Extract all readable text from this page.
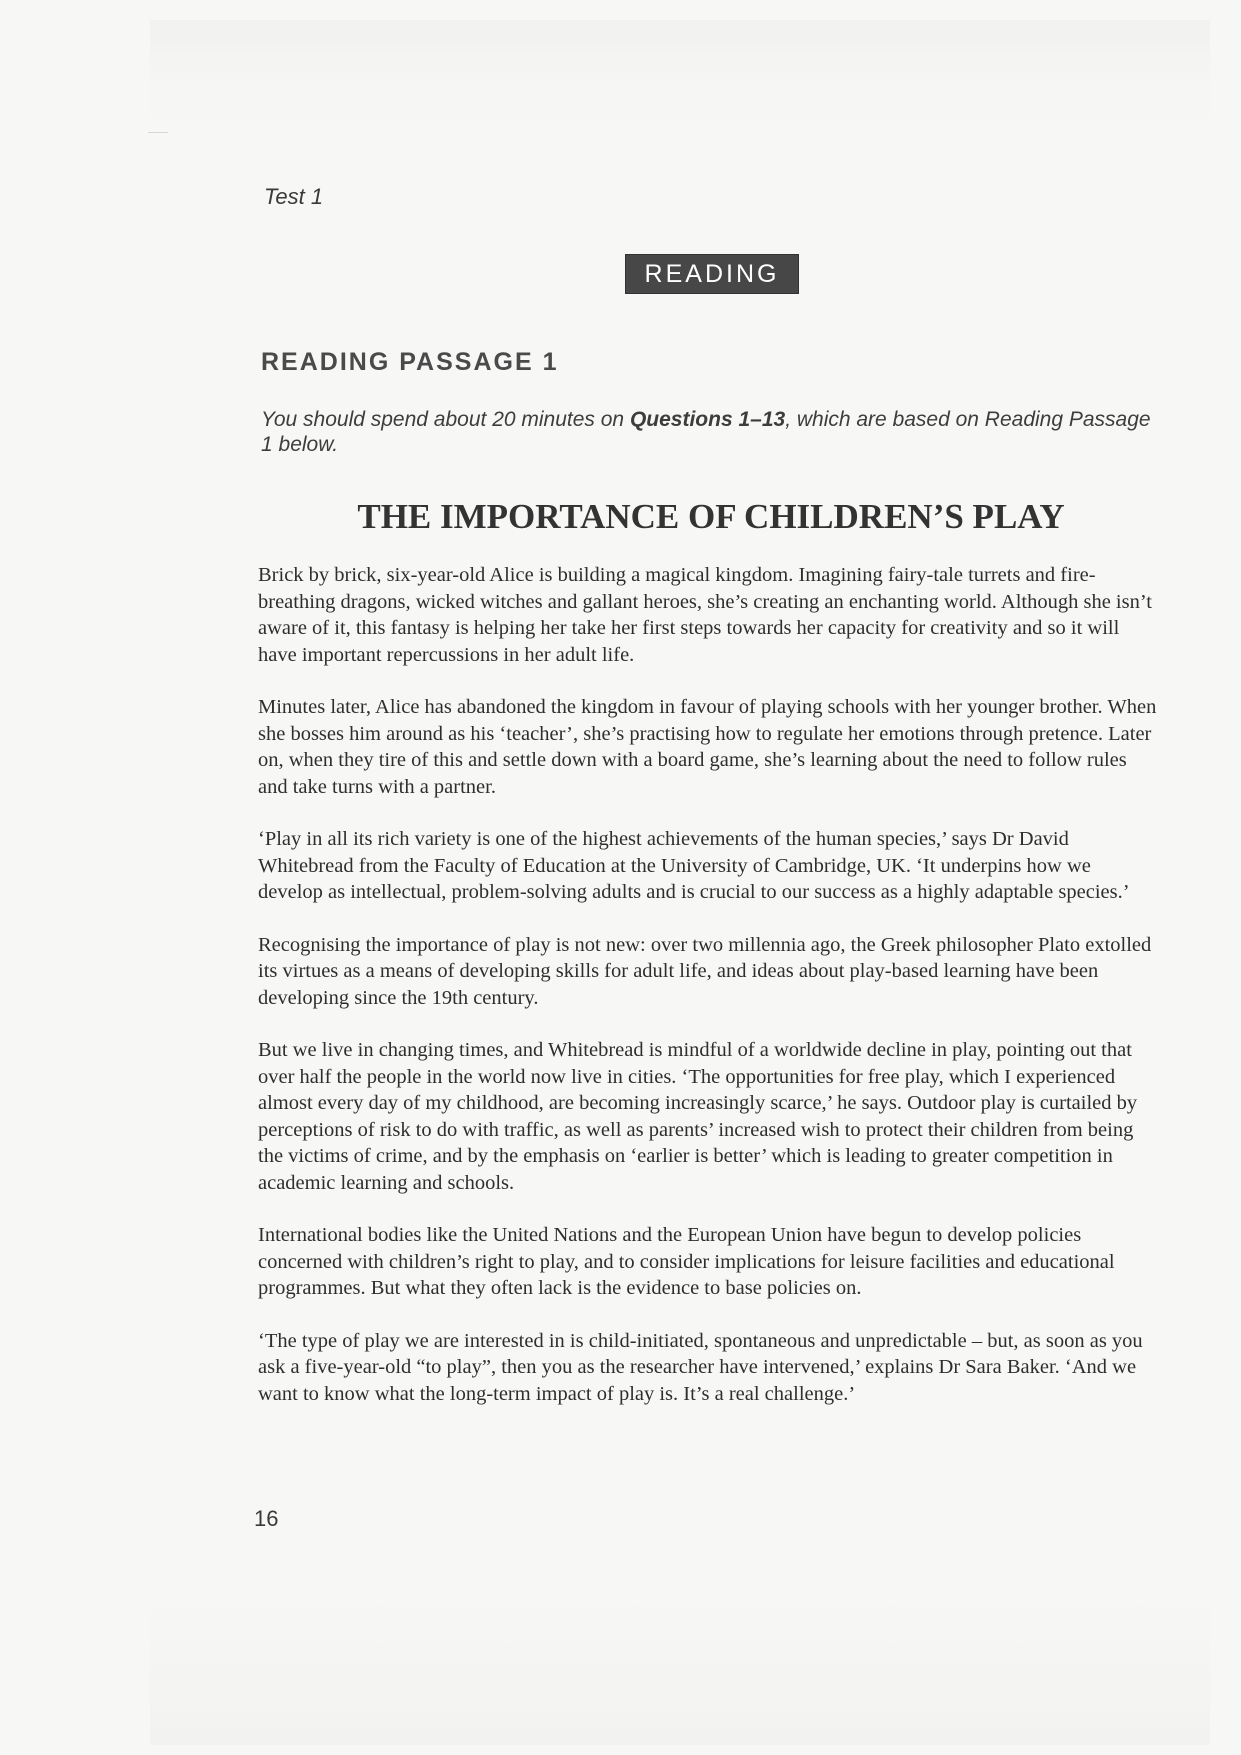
Test 1
READING
READING PASSAGE 1
You should spend about 20 minutes on Questions 1–13, which are based on Reading Passage 1 below.
THE IMPORTANCE OF CHILDREN’S PLAY

Brick by brick, six-year-old Alice is building a magical kingdom. Imagining fairy-tale turrets and fire-breathing dragons, wicked witches and gallant heroes, she’s creating an enchanting world. Although she isn’t aware of it, this fantasy is helping her take her first steps towards her capacity for creativity and so it will have important repercussions in her adult life.

Minutes later, Alice has abandoned the kingdom in favour of playing schools with her younger brother. When she bosses him around as his ‘teacher’, she’s practising how to regulate her emotions through pretence. Later on, when they tire of this and settle down with a board game, she’s learning about the need to follow rules and take turns with a partner.

‘Play in all its rich variety is one of the highest achievements of the human species,’ says Dr David Whitebread from the Faculty of Education at the University of Cambridge, UK. ‘It underpins how we develop as intellectual, problem-solving adults and is crucial to our success as a highly adaptable species.’

Recognising the importance of play is not new: over two millennia ago, the Greek philosopher Plato extolled its virtues as a means of developing skills for adult life, and ideas about play-based learning have been developing since the 19th century.

But we live in changing times, and Whitebread is mindful of a worldwide decline in play, pointing out that over half the people in the world now live in cities. ‘The opportunities for free play, which I experienced almost every day of my childhood, are becoming increasingly scarce,’ he says. Outdoor play is curtailed by perceptions of risk to do with traffic, as well as parents’ increased wish to protect their children from being the victims of crime, and by the emphasis on ‘earlier is better’ which is leading to greater competition in academic learning and schools.

International bodies like the United Nations and the European Union have begun to develop policies concerned with children’s right to play, and to consider implications for leisure facilities and educational programmes. But what they often lack is the evidence to base policies on.

‘The type of play we are interested in is child-initiated, spontaneous and unpredictable – but, as soon as you ask a five-year-old “to play”, then you as the researcher have intervened,’ explains Dr Sara Baker. ‘And we want to know what the long-term impact of play is. It’s a real challenge.’

16
